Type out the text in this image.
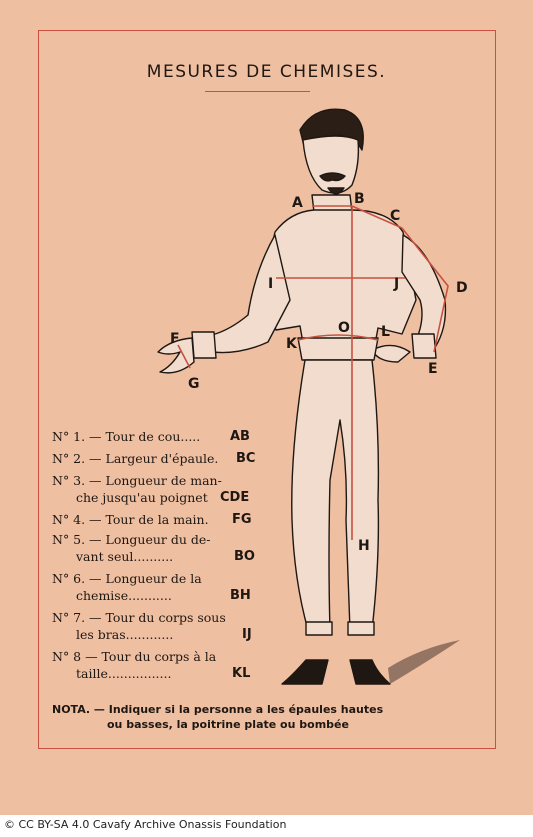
MESURES DE CHEMISES.
A	B
C
D
E
F
G
H
I	J
K
O L
N° 1. — Tour de cou..... AB
N° 2. — Largeur d'épaule. BC
N° 3. — Longueur de man-
che jusqu'au poignet CDE
N° 4. — Tour de la main. FG
N° 5. — Longueur du de-
vant seul..........	BO
N° 6. — Longueur de la
chemise...........	BH
N° 7. — Tour du corps sous
les bras............	IJ
N° 8 — Tour du corps à la
taille................	KL
NOTA. — Indiquer si la personne a les épaules hautes
ou basses, la poitrine plate ou bombée
© CC BY-SA 4.0 Cavafy Archive Onassis Foundation
